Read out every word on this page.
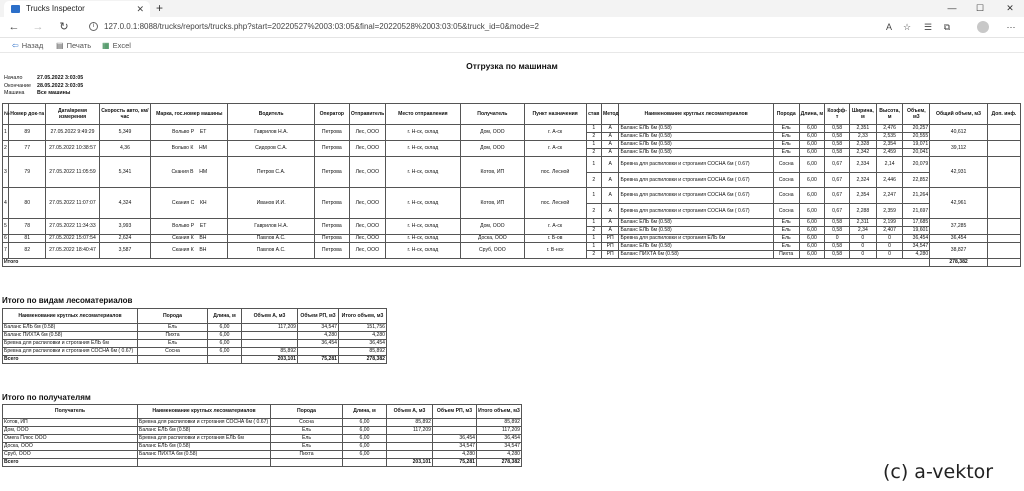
Trucks Inspector	✕ +	—	☐	✕
← →	↻	i	127.0.0.1:8088/trucks/reports/trucks.php?start=20220527%2003:03:05&final=20220528%2003:03:05&truck_id=0&mode=2	A	☆	☰	⧉	⋯
⇦ Назад ▤ Печать ▦ Excel
Отгрузка по машинам
Начало	27.05.2022 3:03:05
Окончание 28.05.2022 3:03:05
Машина Все машины
№	Номер док-та	Дата/время измерения	Скорость авто, км/час	Марка, гос.номер машины	Водитель	Оператор	Отправитель	Место отправления	Получатель	Пункт назначения	став	Метод	Наименование круглых лесоматериалов	Порода	Длина, м	Коэфф-т	Ширина, м	Высота, м	Объем, м3	Общий объем, м3	Доп. инф.
1	89	27.05.2022 9:49:29	5,349	Вольво Р ЕТ	Гаврилов Н.А.	Петрова	Лес, ООО	г. Н-ск, склад	Дом, ООО	г. А-ск	1	A	Баланс ЕЛЬ 6м (0.58)	Ель	6,00	0,58	2,351	2,476	20,257	40,612	
											2	A	Баланс ЕЛЬ 6м (0.58)	Ель	6,00	0,58	2,33	2,535	20,555		
2	77	27.05.2022 10:38:57	4,36	Вольво К НМ	Сидоров С.А.	Петрова	Лес, ООО	г. Н-ск, склад	Дом, ООО	г. А-ск	1	A	Баланс ЕЛЬ 6м (0.58)	Ель	6,00	0,58	2,328	2,354	19,071	39,112	
											2	A	Баланс ЕЛЬ 6м (0.58)	Ель	6,00	0,58	2,342	2,459	20,041		
3	79	27.05.2022 11:05:59	5,341	Скания В НМ	Петров С.А.	Петрова	Лес, ООО	г. Н-ск, склад	Котов, ИП	пос. Лесной	1	A	Бревна для распиловки и строгания СОСНА 6м ( 0.67)	Сосна	6,00	0,67	2,334	2,14	20,079	42,931	
											2	A	Бревна для распиловки и строгания СОСНА 6м ( 0.67)	Сосна	6,00	0,67	2,324	2,446	22,852		
4	80	27.05.2022 11:07:07	4,324	Скания С КН	Иванов И.И.	Петрова	Лес, ООО	г. Н-ск, склад	Котов, ИП	пос. Лесной	1	A	Бревна для распиловки и строгания СОСНА 6м ( 0.67)	Сосна	6,00	0,67	2,354	2,247	21,264	42,961	
											2	A	Бревна для распиловки и строгания СОСНА 6м ( 0.67)	Сосна	6,00	0,67	2,288	2,359	21,697		
5	78	27.05.2022 11:34:33	3,993	Вольво Р ЕТ	Гаврилов Н.А.	Петрова	Лес, ООО	г. Н-ск, склад	Дом, ООО	г. А-ск	1	A	Баланс ЕЛЬ 6м (0.58)	Ель	6,00	0,58	2,311	2,199	17,685	37,285	
											2	A	Баланс ЕЛЬ 6м (0.58)	Ель	6,00	0,58	2,34	2,407	19,601		
6	81	27.05.2022 15:07:54	2,624	Скания К ВН	Павлов А.С.	Петрова	Лес, ООО	г. Н-ск, склад	Доска, ООО	г. Б-ов	1	РП	Бревна для распиловки и строгания ЕЛЬ 6м	Ель	6,00	0	0	0	36,454	36,454	
7	82	27.05.2022 18:40:47	3,587	Скания К ВН	Павлов А.С.	Петрова	Лес, ООО	г. Н-ск, склад	Сруб, ООО	г. В-нск	1	РП	Баланс ЕЛЬ 6м (0.58)	Ель	6,00	0,58	0	0	34,547	38,827	
											2	РП	Баланс ПИХТА 6м (0.58)	Пихта	6,00	0,58	0	0	4,280		
Итого																				278,382	
Итого по видам лесоматериалов
Наименование круглых лесоматериалов	Порода	Длина, м	Объем А, м3	Объем РП, м3	Итого объем, м3
Баланс ЕЛЬ 6м (0.58)	Ель	6,00	117,209	34,547	151,756
Баланс ПИХТА 6м (0.58)	Пихта	6,00		4,280	4,280
Бревна для распиловки и строгания ЕЛЬ 6м	Ель	6,00		36,454	36,454
Бревна для распиловки и строгания СОСНА 6м ( 0.67)	Сосна	6,00	85,892		85,892
Всего			203,101	75,281	278,382
Итого по получателям
Получатель	Наименование круглых лесоматериалов	Порода	Длина, м	Объем А, м3	Объем РП, м3	Итого объем, м3
Котов, ИП	Бревна для распиловки и строгания СОСНА 6м ( 0.67)	Сосна	6,00	85,892		85,892
Дом, ООО	Баланс ЕЛЬ 6м (0.58)	Ель	6,00	117,209		117,209
Омега Плюс ООО	Бревна для распиловки и строгания ЕЛЬ 6м	Ель	6,00		36,454	36,454
Доска, ООО	Баланс ЕЛЬ 6м (0.58)	Ель	6,00		34,547	34,547
Сруб, ООО	Баланс ПИХТА 6м (0.58)	Пихта	6,00		4,280	4,280
Всего				203,101	75,281	278,382	(c) a-vektor
